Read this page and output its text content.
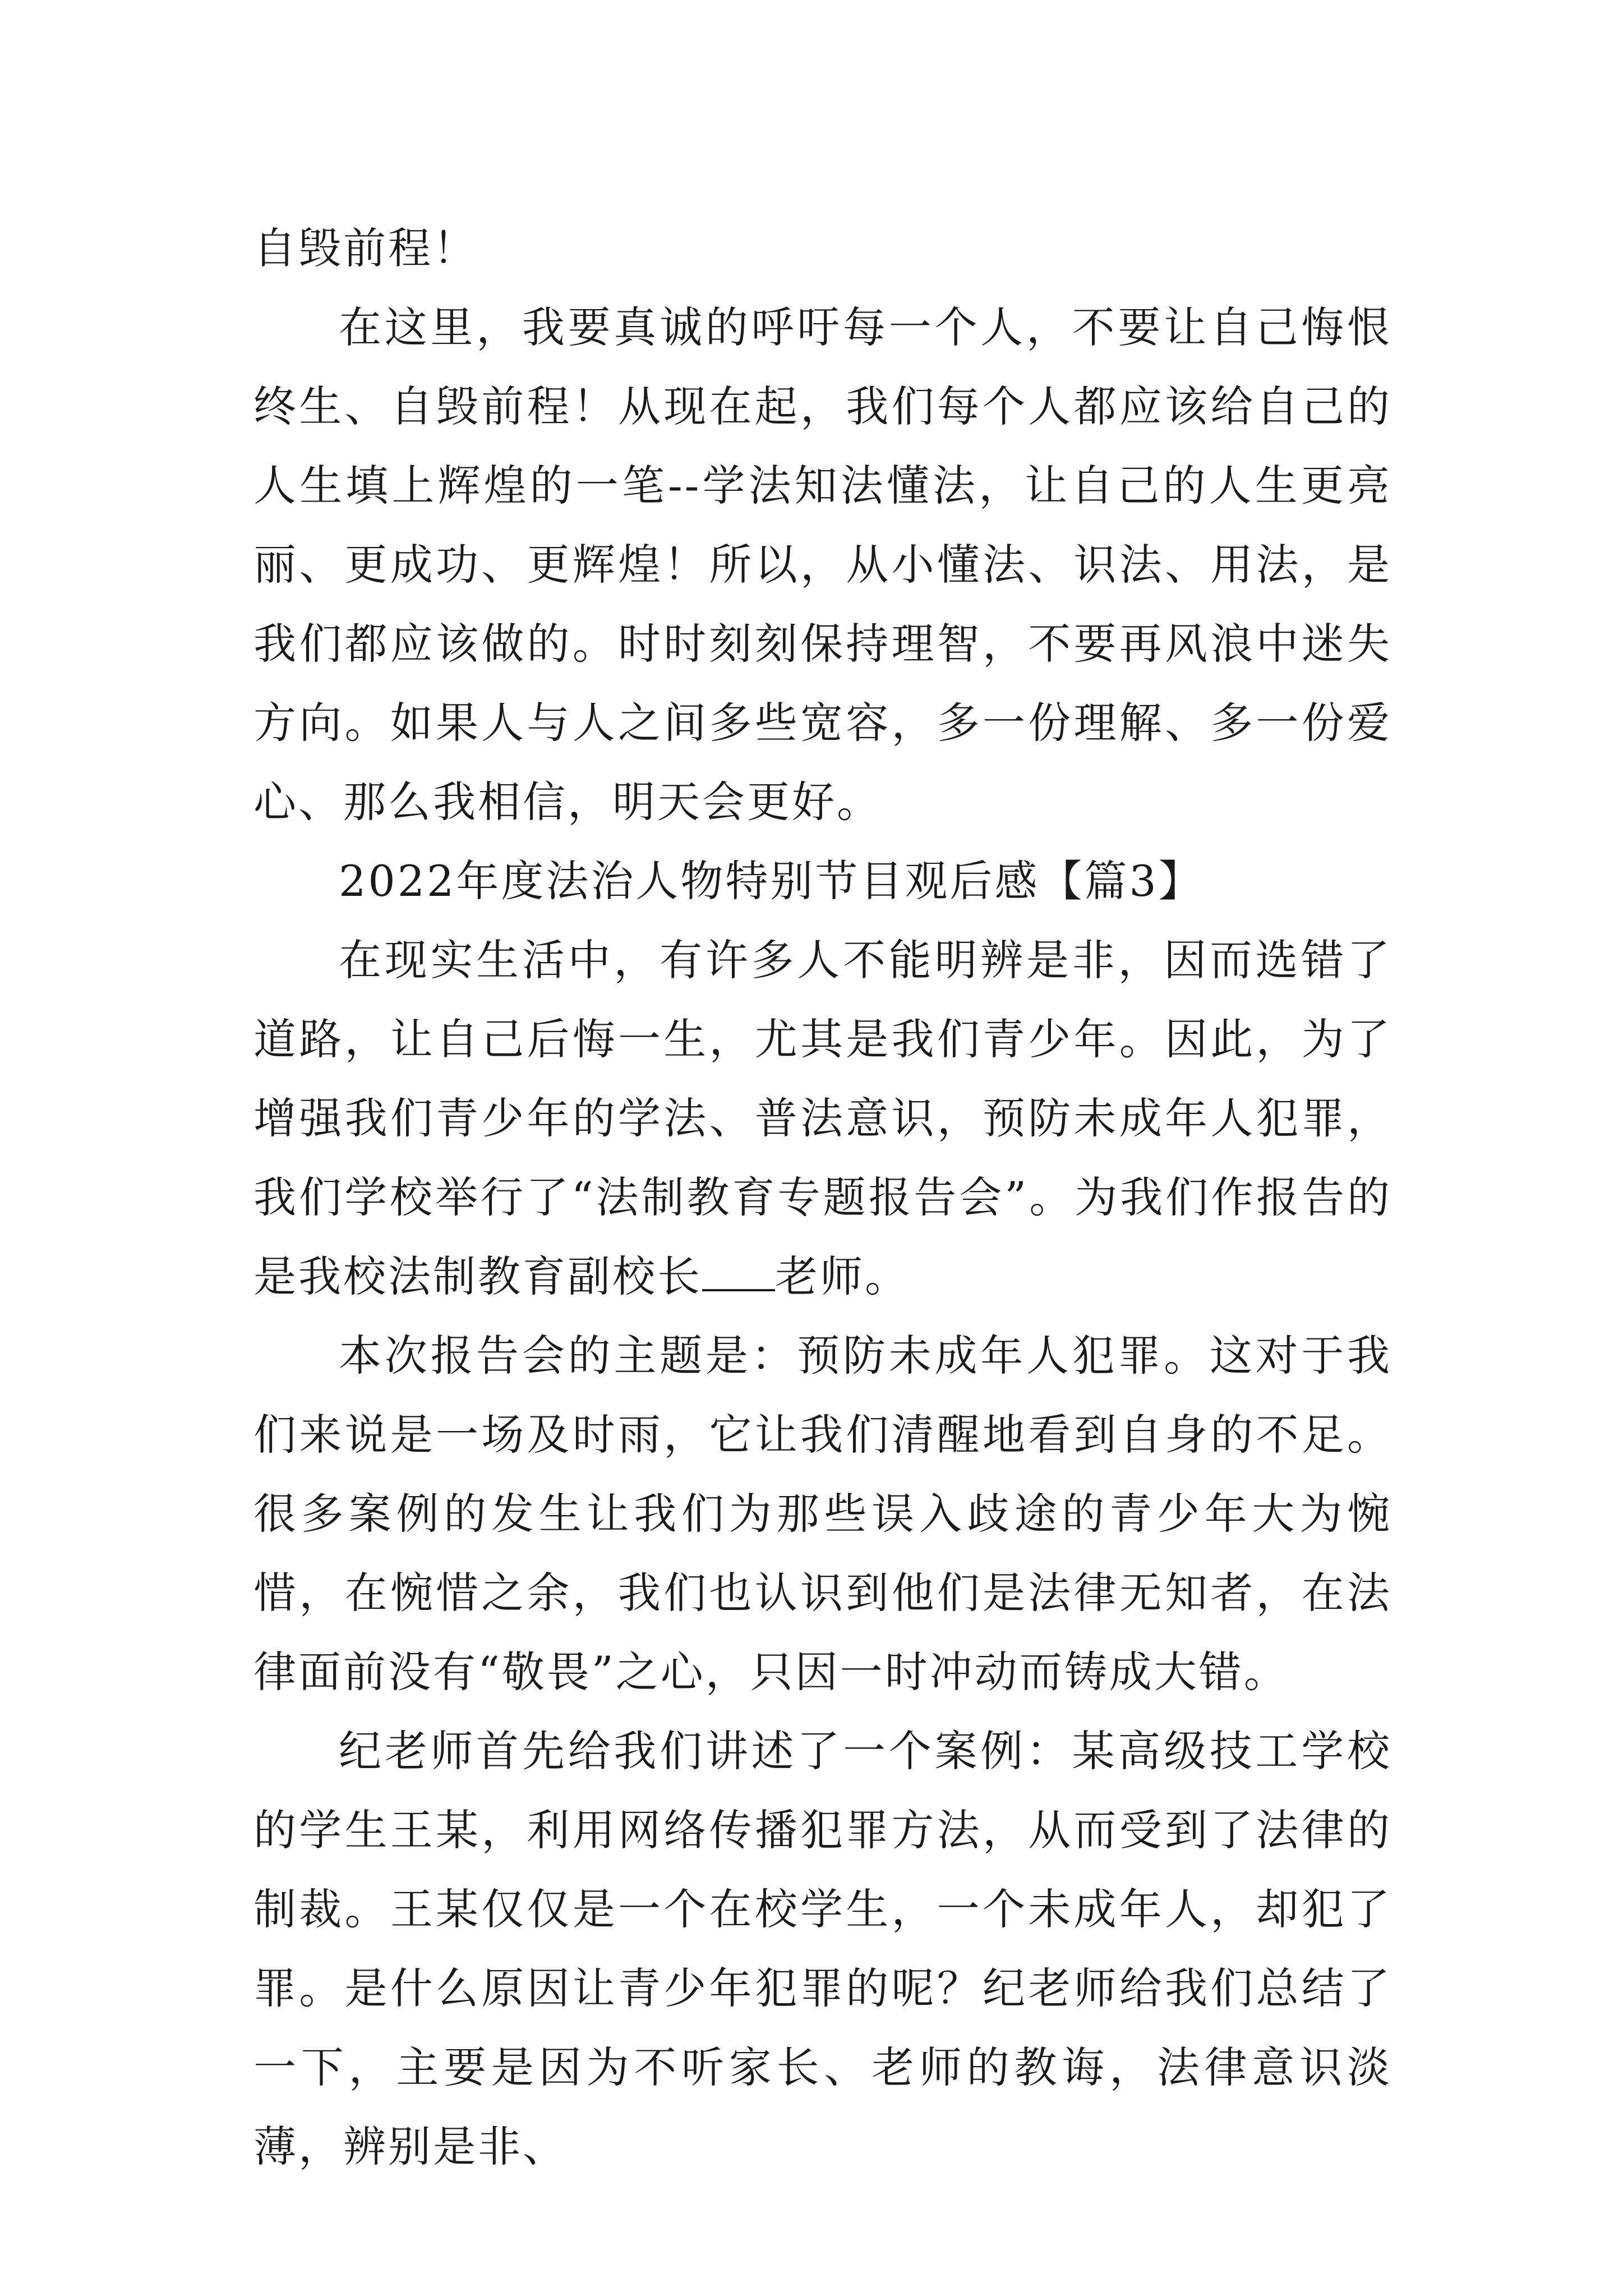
自毁前程！

在这里，我要真诚的呼吁每一个人，不要让自己悔恨终生、自毁前程！从现在起，我们每个人都应该给自己的人生填上辉煌的一笔--学法知法懂法，让自己的人生更亮丽、更成功、更辉煌！所以，从小懂法、识法、用法，是我们都应该做的。时时刻刻保持理智，不要再风浪中迷失方向。如果人与人之间多些宽容，多一份理解、多一份爱心、那么我相信，明天会更好。

2022年度法治人物特别节目观后感【篇3】

在现实生活中，有许多人不能明辨是非，因而选错了道路，让自己后悔一生，尤其是我们青少年。因此，为了增强我们青少年的学法、普法意识，预防未成年人犯罪，我们学校举行了“法制教育专题报告会”。为我们作报告的是我校法制教育副校长 老师。

本次报告会的主题是：预防未成年人犯罪。这对于我们来说是一场及时雨，它让我们清醒地看到自身的不足。很多案例的发生让我们为那些误入歧途的青少年大为惋惜，在惋惜之余，我们也认识到他们是法律无知者，在法律面前没有“敬畏”之心，只因一时冲动而铸成大错。

纪老师首先给我们讲述了一个案例：某高级技工学校的学生王某，利用网络传播犯罪方法，从而受到了法律的制裁。王某仅仅是一个在校学生，一个未成年人，却犯了罪。是什么原因让青少年犯罪的呢？纪老师给我们总结了一下，主要是因为不听家长、老师的教诲，法律意识淡薄，辨别是非、
